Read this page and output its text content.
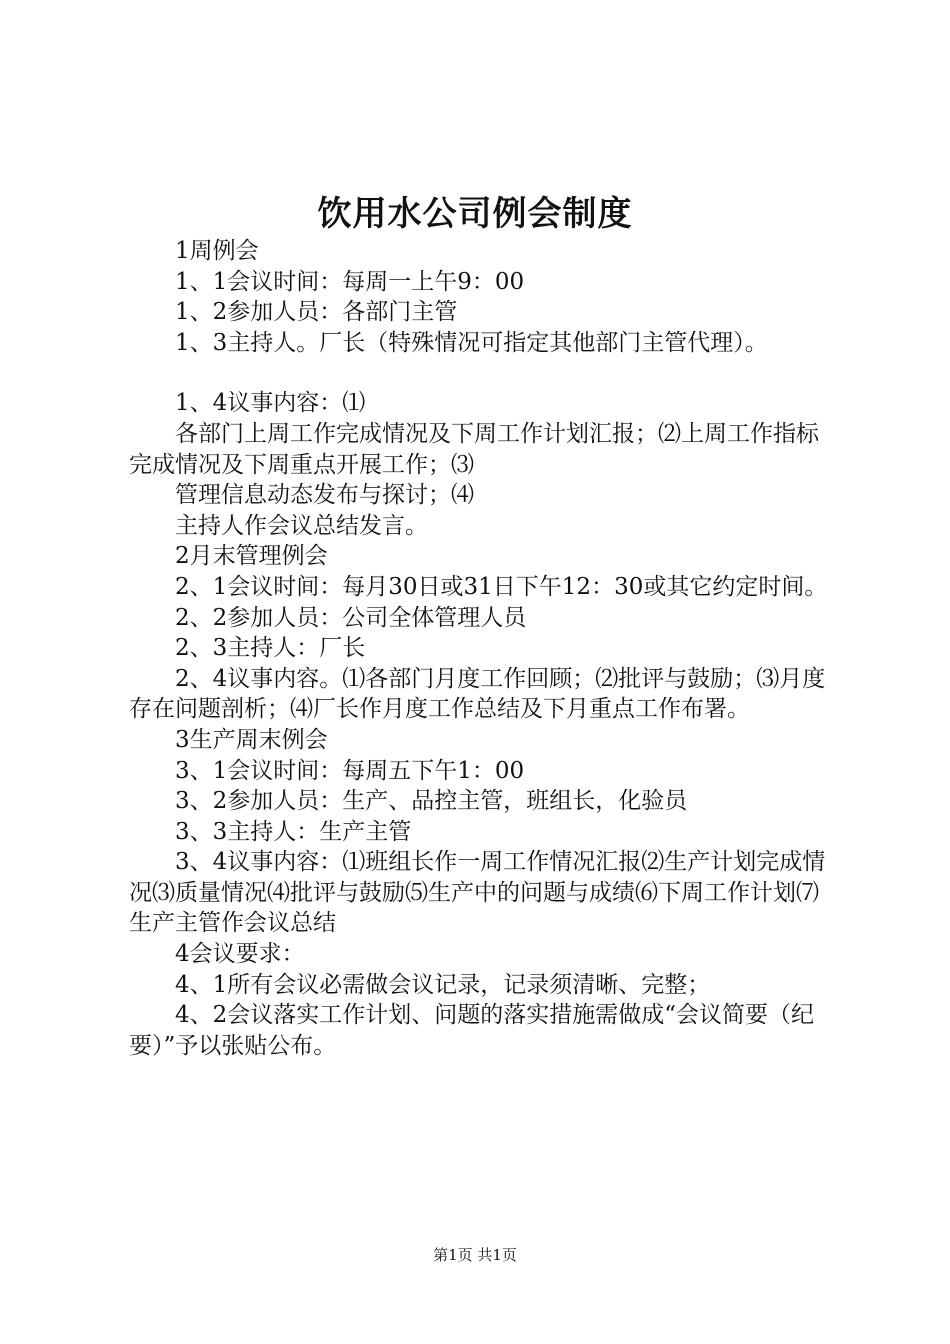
饮用水公司例会制度

1周例会

1、1会议时间：每周一上午9：00

1、2参加人员：各部门主管

1、3主持人。厂长（特殊情况可指定其他部门主管代理）。

1、4议事内容：⑴

各部门上周工作完成情况及下周工作计划汇报；⑵上周工作指标完成情况及下周重点开展工作；⑶

管理信息动态发布与探讨；⑷

主持人作会议总结发言。

2月末管理例会

2、1会议时间：每月30日或31日下午12：30或其它约定时间。

2、2参加人员：公司全体管理人员

2、3主持人：厂长

2、4议事内容。⑴各部门月度工作回顾；⑵批评与鼓励；⑶月度存在问题剖析；⑷厂长作月度工作总结及下月重点工作布署。

3生产周末例会

3、1会议时间：每周五下午1：00

3、2参加人员：生产、品控主管，班组长，化验员

3、3主持人：生产主管

3、4议事内容：⑴班组长作一周工作情况汇报⑵生产计划完成情况⑶质量情况⑷批评与鼓励⑸生产中的问题与成绩⑹下周工作计划⑺生产主管作会议总结

4会议要求：

4、1所有会议必需做会议记录，记录须清晰、完整；

4、2会议落实工作计划、问题的落实措施需做成“会议简要（纪要）”予以张贴公布。

第1页 共1页
